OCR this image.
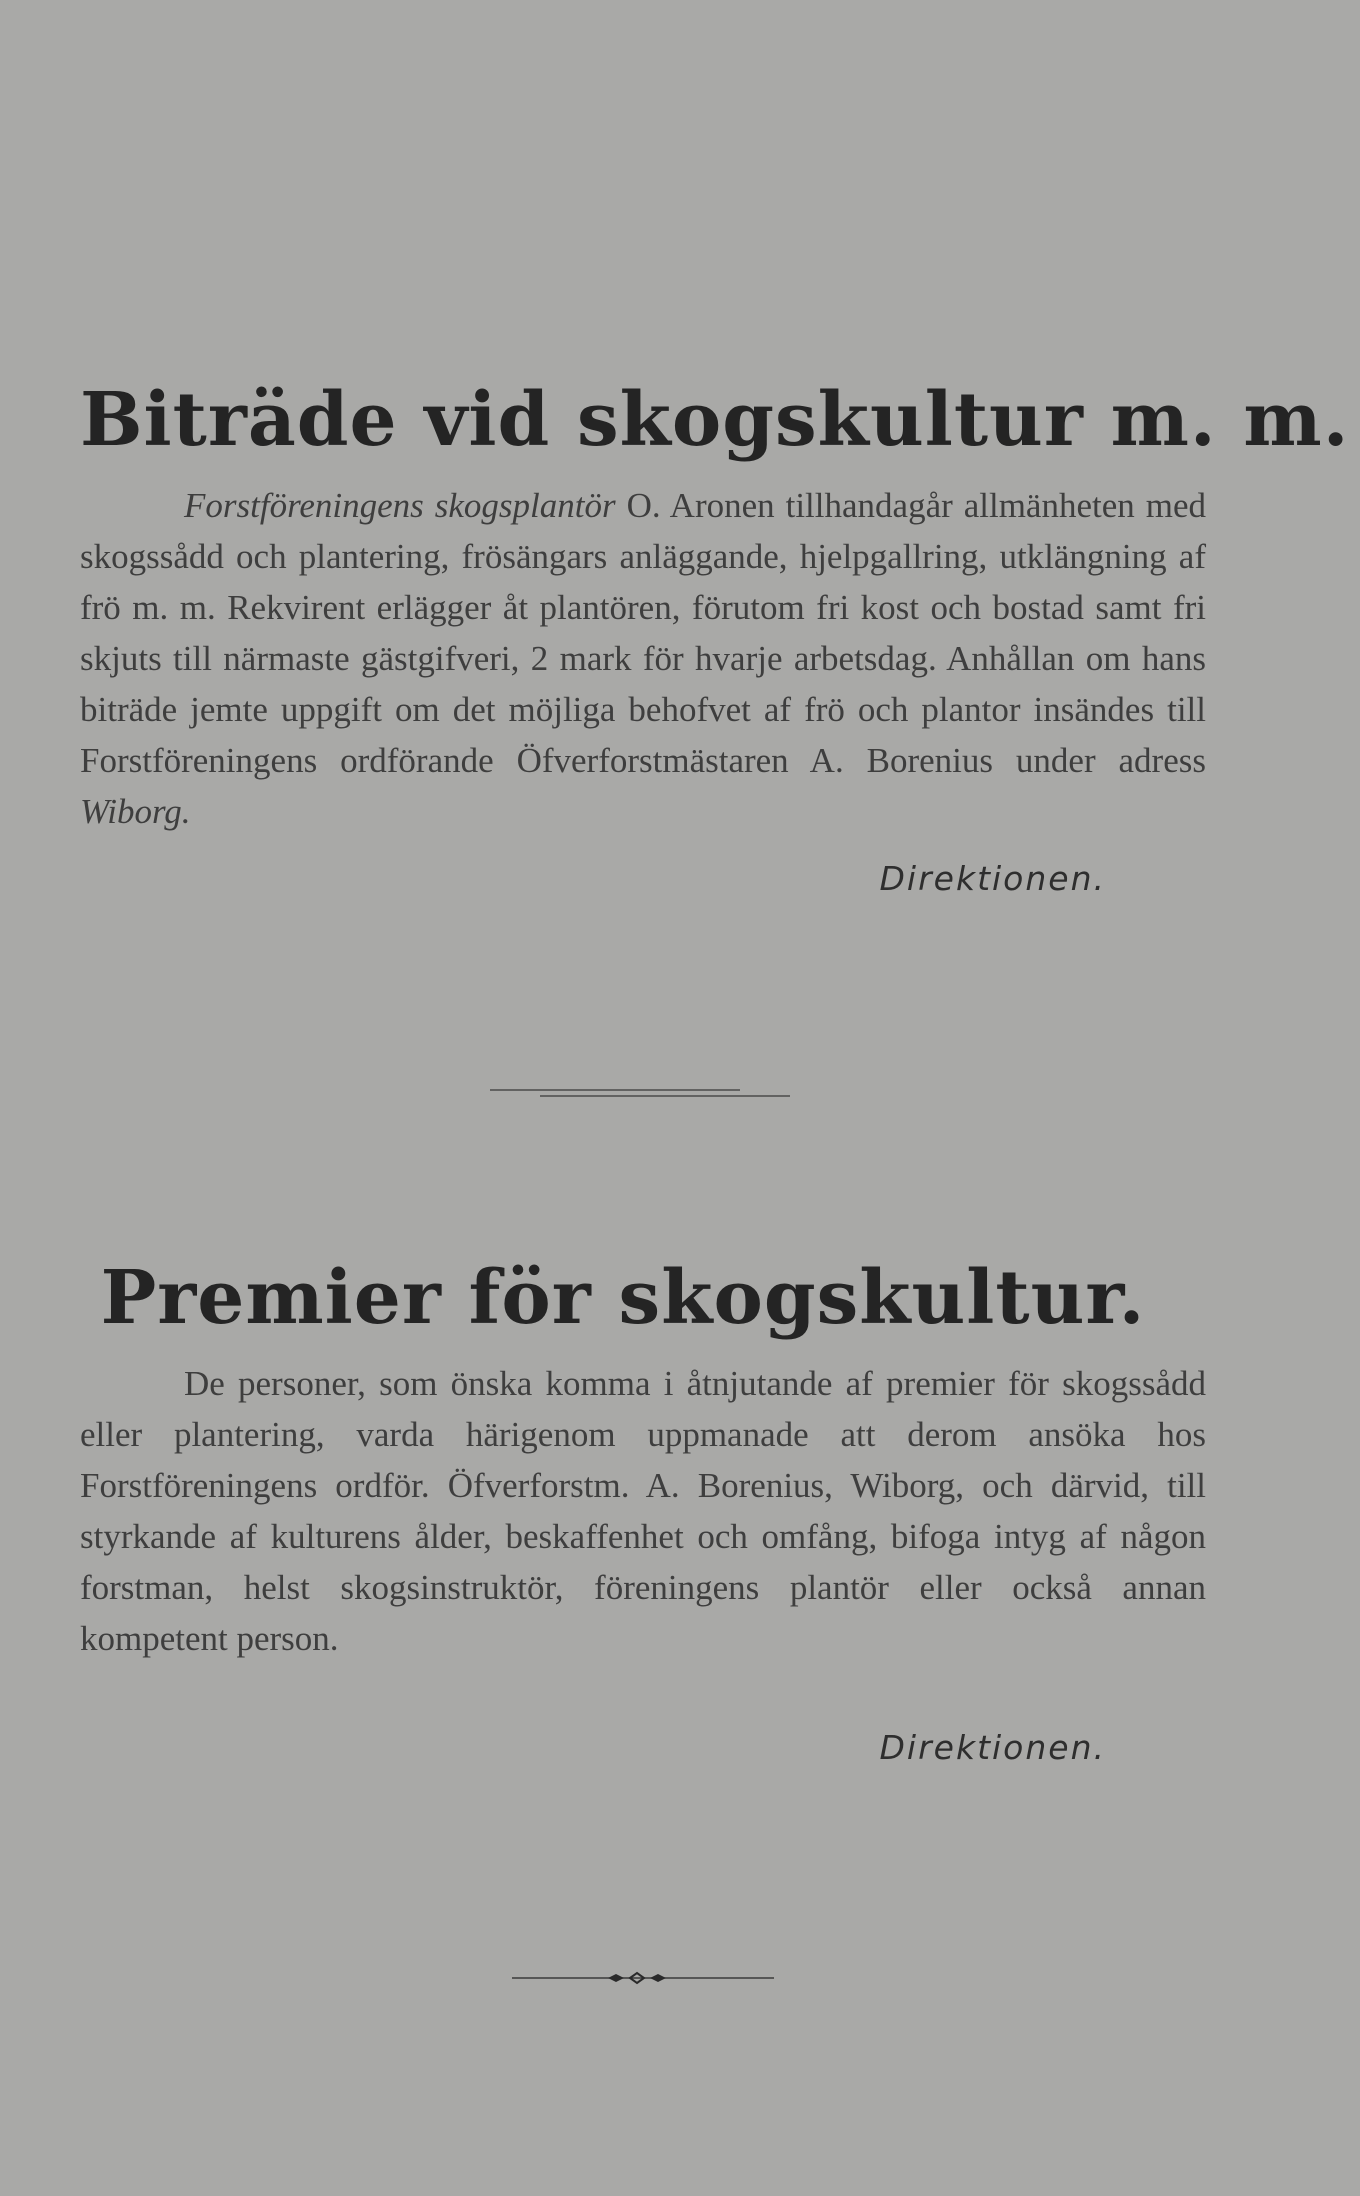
Biträde vid skogskultur m. m.

Forstföreningens skogsplantör O. Aronen tillhandagår allmänheten med skogssådd och plantering, frösängars anläggande, hjelpgallring, utklängning af frö m. m. Rekvirent erlägger åt plantören, förutom fri kost och bostad samt fri skjuts till närmaste gästgifveri, 2 mark för hvarje arbetsdag. Anhållan om hans biträde jemte uppgift om det möjliga behofvet af frö och plantor insändes till Forstföreningens ordförande Öfverforstmästaren A. Borenius under adress Wiborg.

Direktionen.

Premier för skogskultur.

De personer, som önska komma i åtnjutande af premier för skogssådd eller plantering, varda härigenom uppmanade att derom ansöka hos Forstföreningens ordför. Öfverforstm. A. Borenius, Wiborg, och därvid, till styrkande af kulturens ålder, beskaffenhet och omfång, bifoga intyg af någon forstman, helst skogsinstruktör, föreningens plantör eller också annan kompetent person.

Direktionen.
